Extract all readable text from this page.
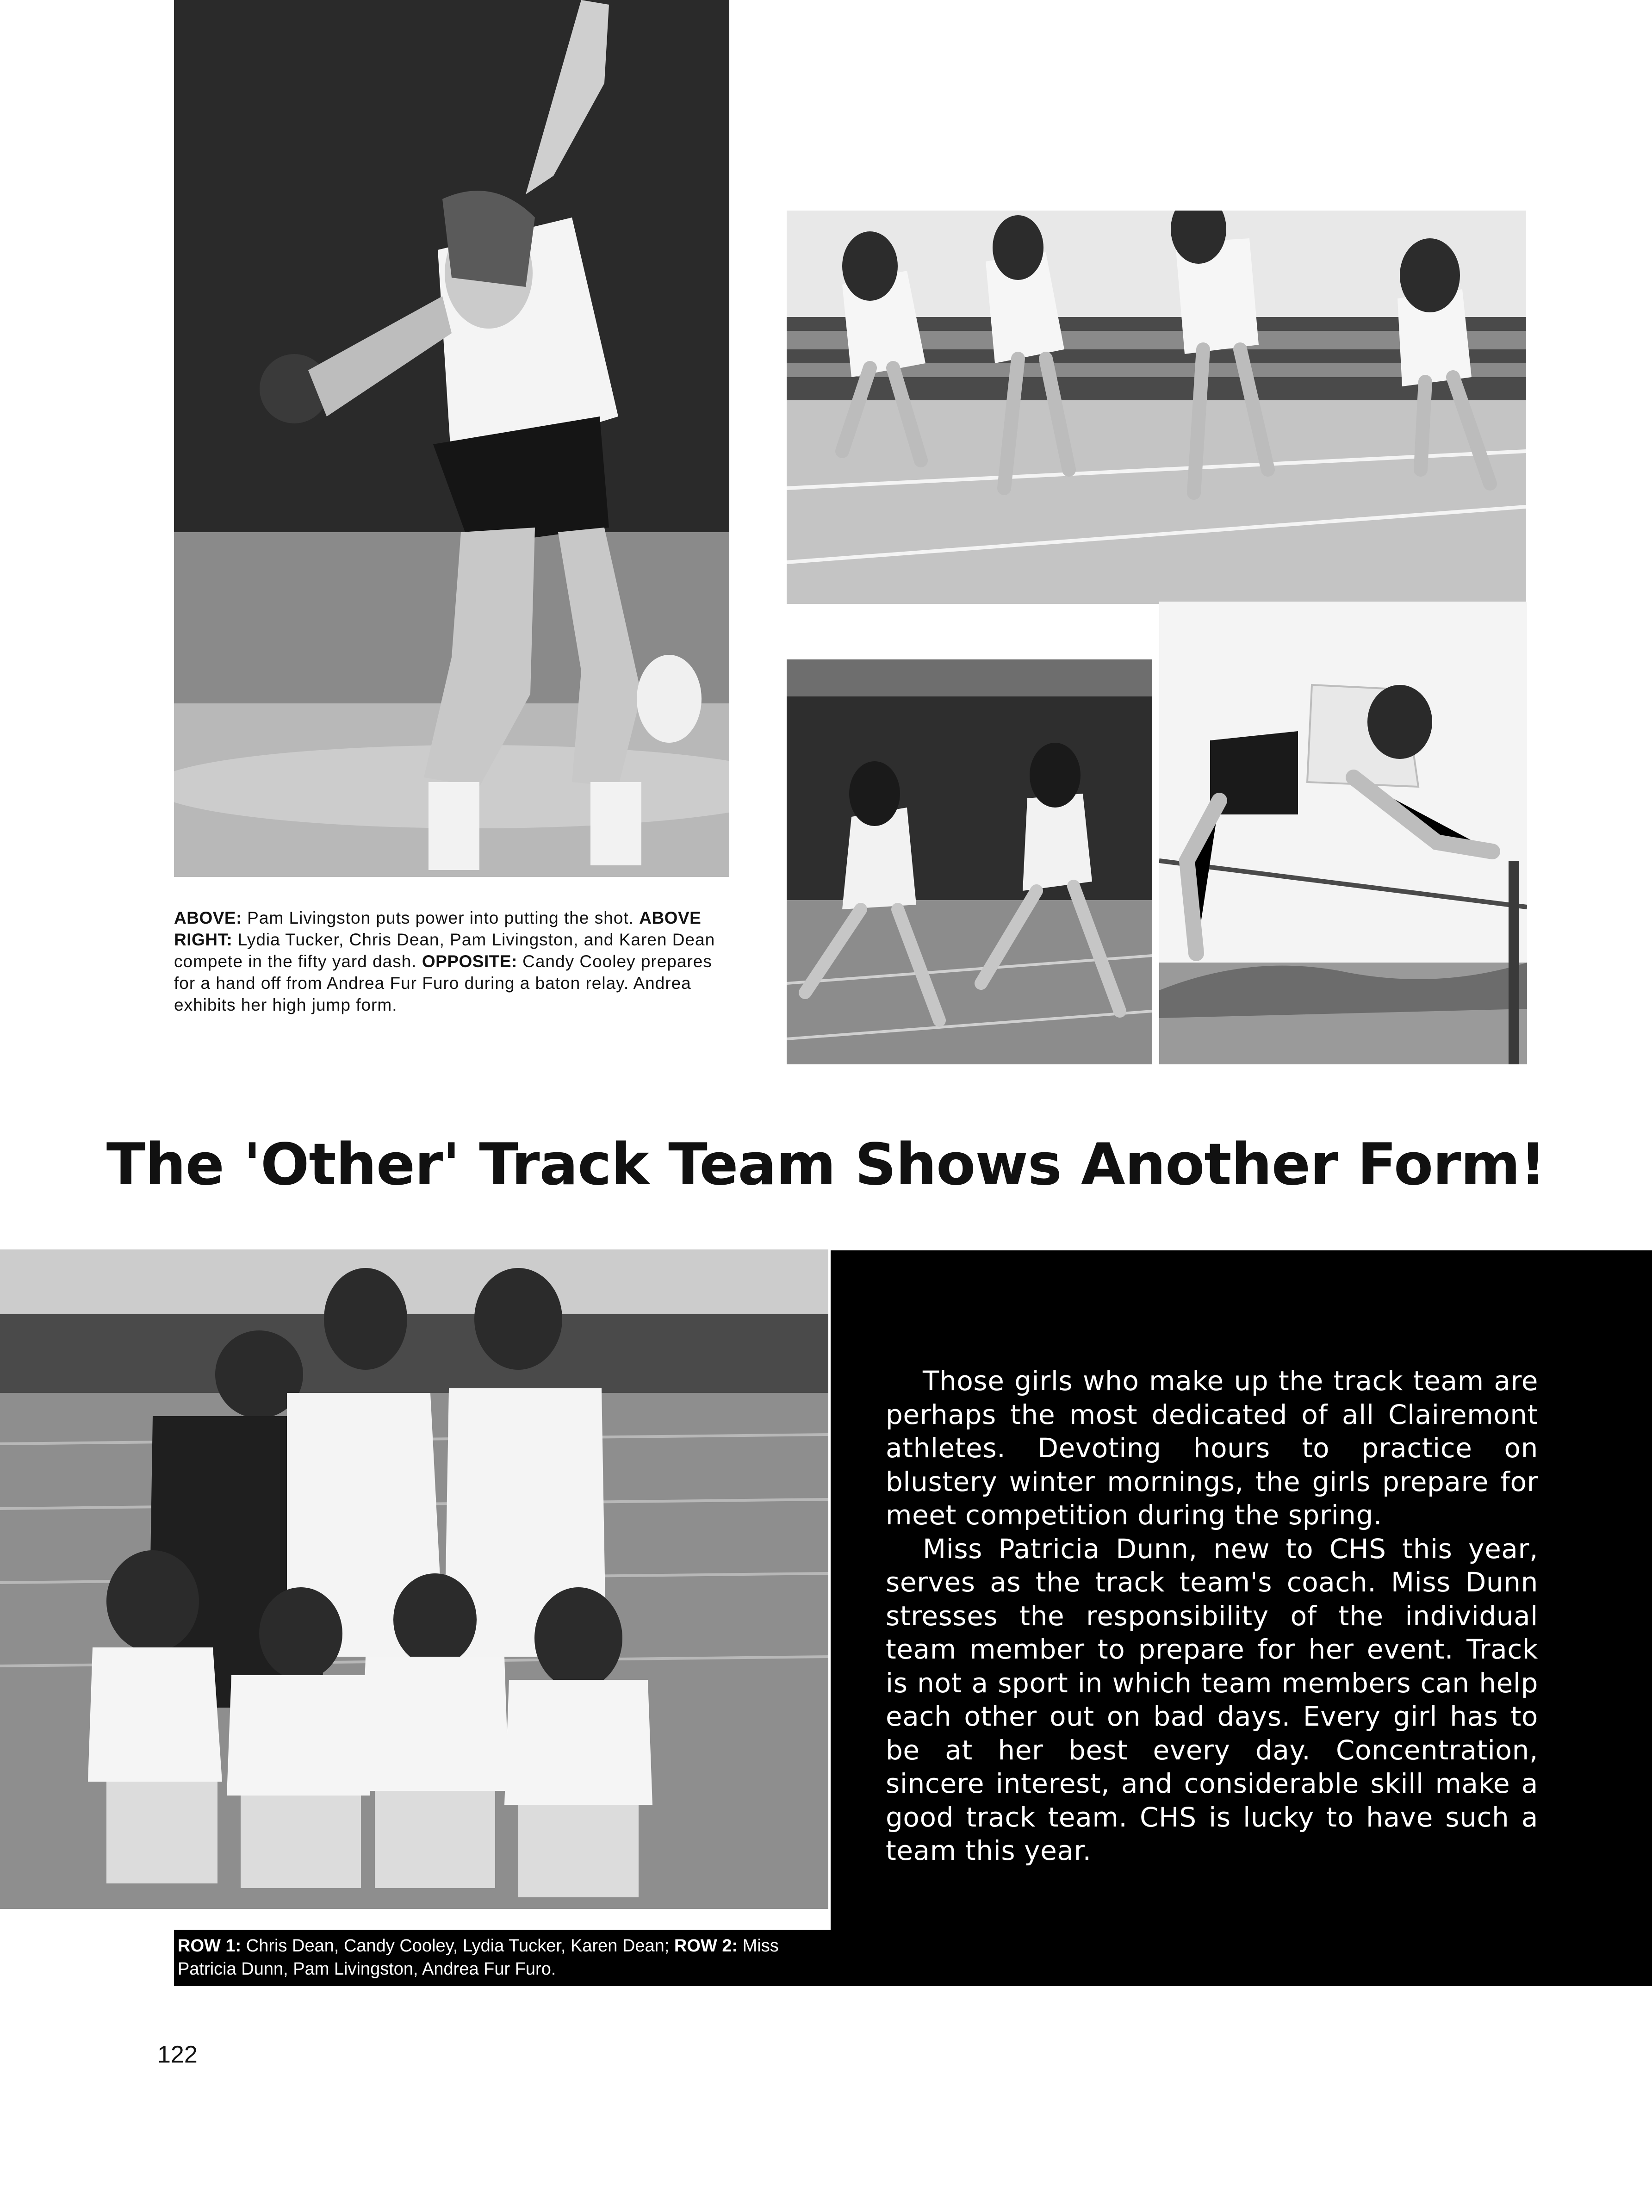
ABOVE: Pam Livingston puts power into putting the shot. ABOVE RIGHT: Lydia Tucker, Chris Dean, Pam Livingston, and Karen Dean compete in the fifty yard dash. OPPOSITE: Candy Cooley prepares for a hand off from Andrea Fur Furo during a baton relay. Andrea exhibits her high jump form.
The 'Other' Track Team Shows Another Form!

Those girls who make up the track team are perhaps the most dedicated of all Clairemont athletes. Devoting hours to practice on blustery winter mornings, the girls prepare for meet competition during the spring.

Miss Patricia Dunn, new to CHS this year, serves as the track team's coach. Miss Dunn stresses the responsibility of the individual team member to prepare for her event. Track is not a sport in which team members can help each other out on bad days. Every girl has to be at her best every day. Concentration, sincere interest, and considerable skill make a good track team. CHS is lucky to have such a team this year.

ROW 1: Chris Dean, Candy Cooley, Lydia Tucker, Karen Dean; ROW 2: Miss Patricia Dunn, Pam Livingston, Andrea Fur Furo.
122
